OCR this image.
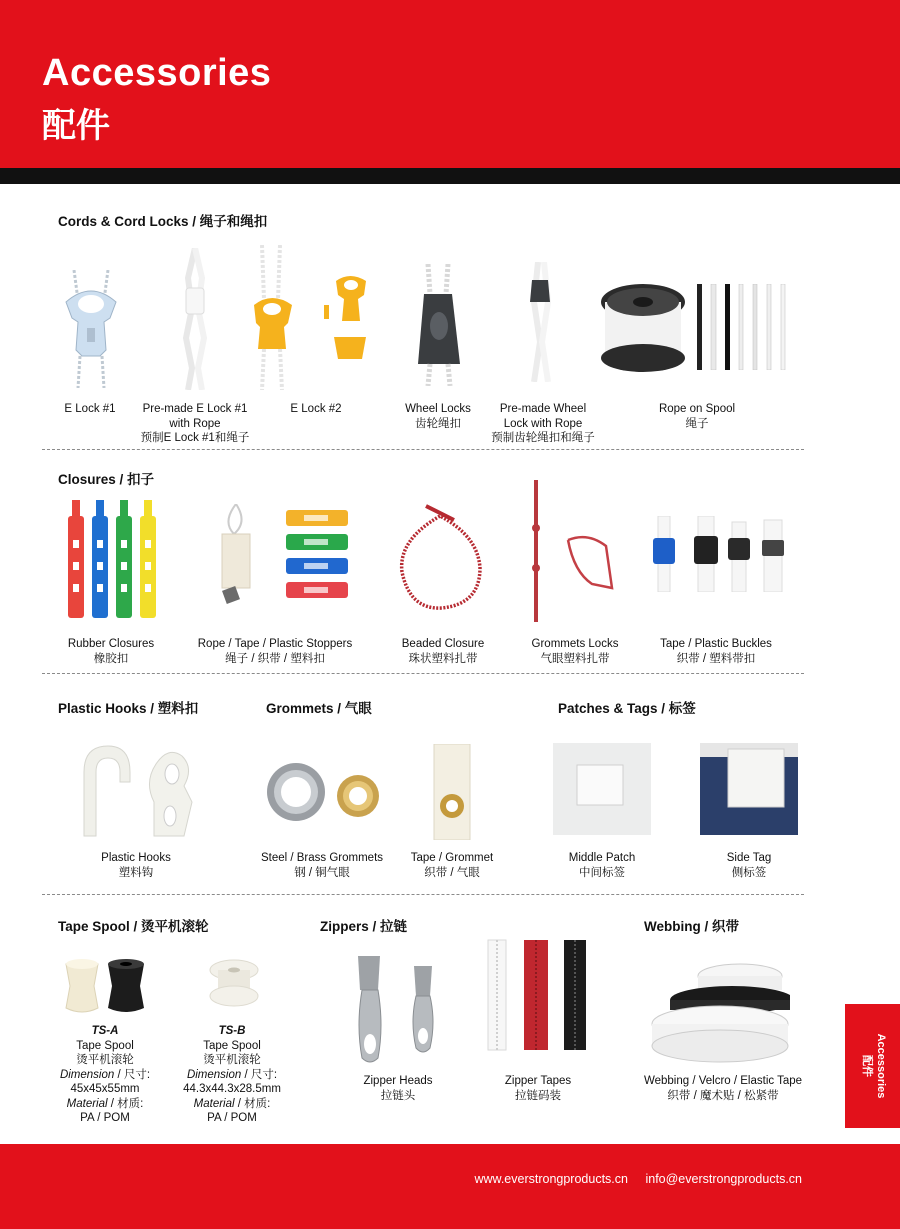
Accessories
配件
Cords & Cord Locks / 绳子和绳扣
E Lock #1	Pre-made E Lock #1
with Rope
预制E Lock #1和绳子
E Lock #2	Wheel Locks
齿轮绳扣
Pre-made Wheel
Lock with Rope
预制齿轮绳扣和绳子
Rope on Spool
绳子
Closures / 扣子
Rubber Closures
橡胶扣
Rope / Tape / Plastic Stoppers
绳子 / 织带 / 塑料扣
Beaded Closure
珠状塑料扎带
Grommets Locks
气眼塑料扎带
Tape / Plastic Buckles
织带 / 塑料带扣
Plastic Hooks / 塑料扣	Grommets / 气眼	Patches & Tags / 标签
Plastic Hooks
塑料钩
Steel / Brass Grommets
钢 / 铜气眼
Tape / Grommet
织带 / 气眼
Middle Patch
中间标签
Side Tag
侧标签
Tape Spool / 烫平机滚轮	Zippers / 拉链	Webbing / 织带
TS-A
Tape Spool
烫平机滚轮
Dimension / 尺寸:
45x45x55mm
Material / 材质:
PA / POM
TS-B
Tape Spool
烫平机滚轮
Dimension / 尺寸:
44.3x44.3x28.5mm
Material / 材质:
PA / POM
Zipper Heads
拉链头
Zipper Tapes
拉链码装
Webbing / Velcro / Elastic Tape
织带 / 魔术贴 / 松紧带	Accessories
配件
www.everstrongproducts.cn info@everstrongproducts.cn
